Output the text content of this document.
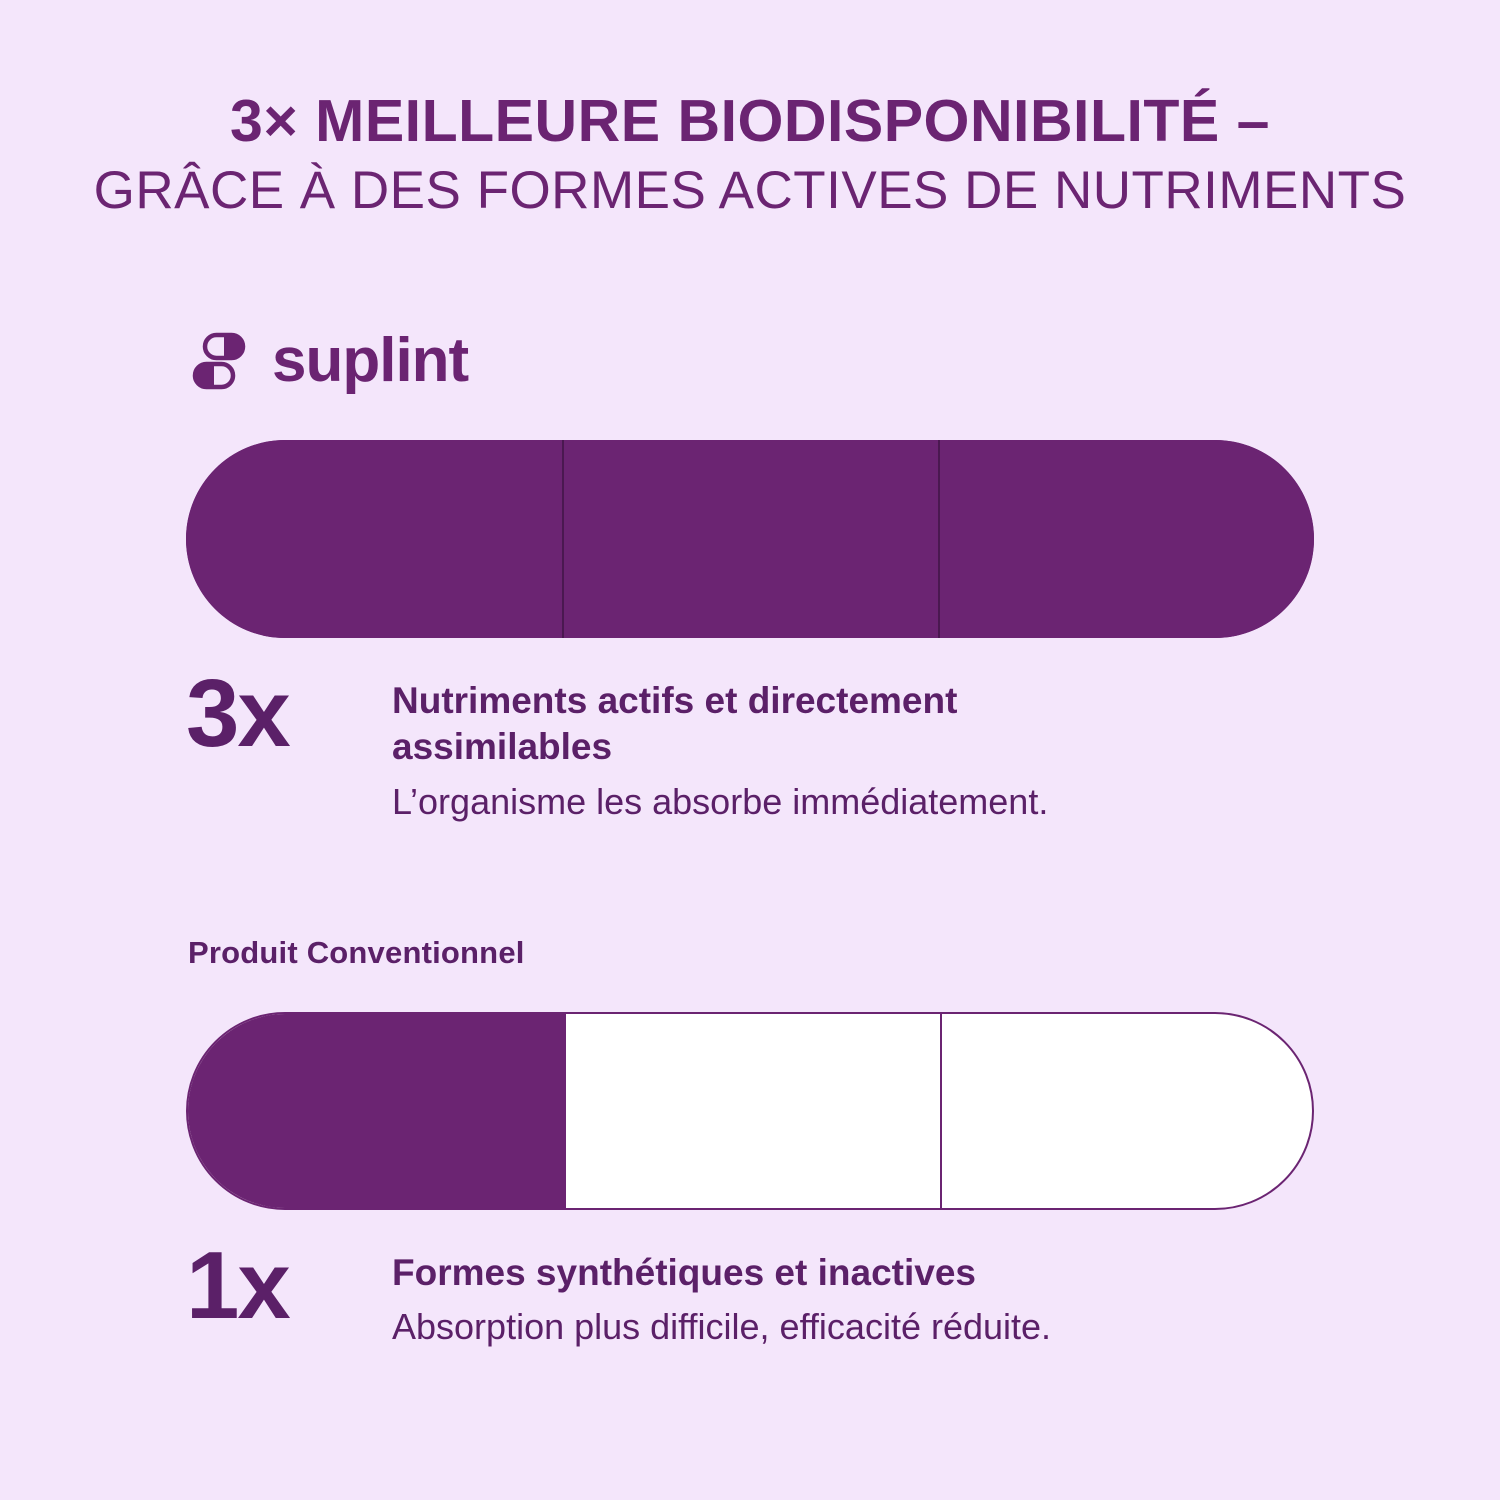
3× MEILLEURE BIODISPONIBILITÉ –
GRÂCE À DES FORMES ACTIVES DE NUTRIMENTS
suplint
3x	Nutriments actifs et directement assimilables
L’organisme les absorbe immédiatement.
Produit Conventionnel
1x	Formes synthétiques et inactives
Absorption plus difficile, efficacité réduite.
